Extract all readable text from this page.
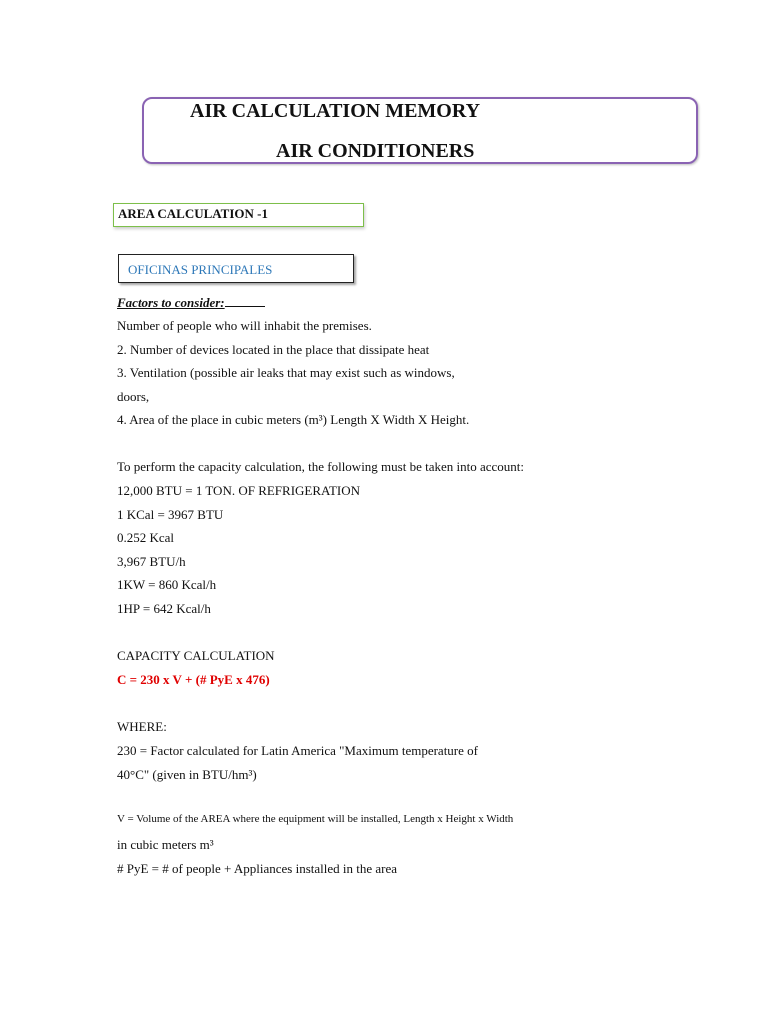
AIR CALCULATION MEMORY
AIR CONDITIONERS
AREA CALCULATION -1
OFICINAS PRINCIPALES
Factors to consider:
Number of people who will inhabit the premises.
2. Number of devices located in the place that dissipate heat
3. Ventilation (possible air leaks that may exist such as windows,
doors,
4. Area of the place in cubic meters (m³) Length X Width X Height.
To perform the capacity calculation, the following must be taken into account:
12,000 BTU = 1 TON. OF REFRIGERATION
1 KCal = 3967 BTU
0.252 Kcal
3,967 BTU/h
1KW = 860 Kcal/h
1HP = 642 Kcal/h
CAPACITY CALCULATION
C = 230 x V + (# PyE x 476)
WHERE:
230 = Factor calculated for Latin America "Maximum temperature of
40°C" (given in BTU/hm³)
V = Volume of the AREA where the equipment will be installed, Length x Height x Width
in cubic meters m³
# PyE = # of people + Appliances installed in the area
